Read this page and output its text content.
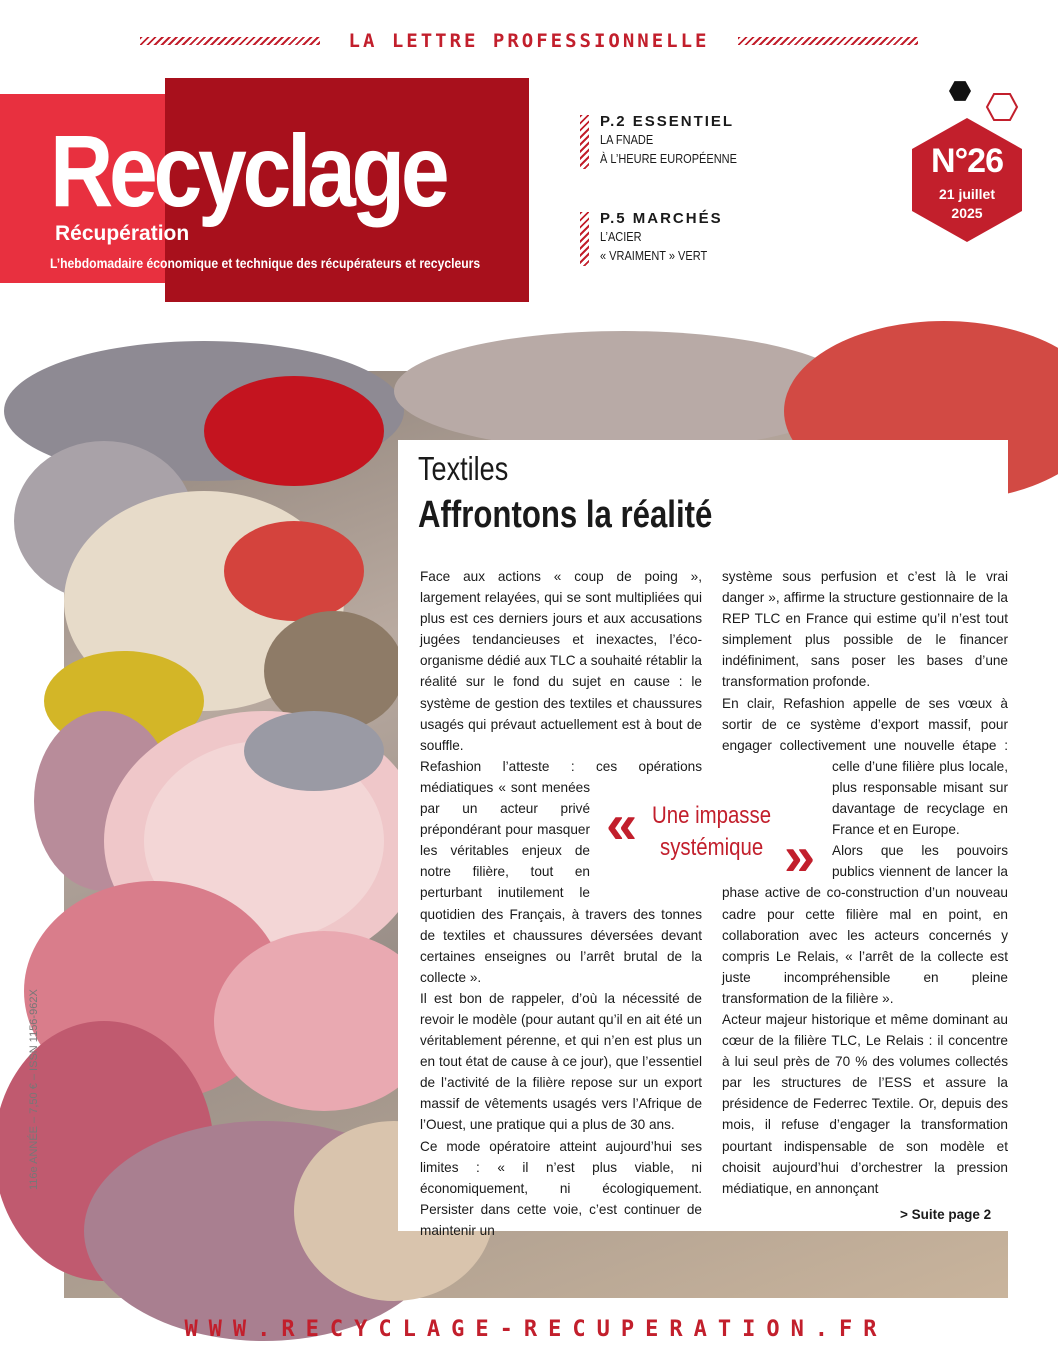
LA LETTRE PROFESSIONNELLE
Recyclage
Récupération
L’hebdomadaire économique et technique des récupérateurs et recycleurs
P.2 ESSENTIEL
LA FNADE
À L’HEURE EUROPÉENNE
P.5 MARCHÉS
L’ACIER
« VRAIMENT » VERT
N°26
21 juillet
2025
Textiles
Affrontons la réalité

Face aux actions « coup de poing », largement relayées, qui se sont multipliées qui plus est ces derniers jours et aux accusations jugées tendancieuses et inexactes, l’éco-organisme dédié aux TLC a souhaité rétablir la réalité sur le fond du sujet en cause : le système de gestion des textiles et chaussures usagés qui prévaut actuellement est à bout de souffle.

Refashion l’atteste : ces opérations médiatiques « sont menées par un acteur privé prépondérant pour masquer les véritables enjeux de notre filière, tout en perturbant inutilement le quotidien des Français, à travers des tonnes de textiles et chaussures déversées devant certaines enseignes ou l’arrêt brutal de la collecte ».

Il est bon de rappeler, d’où la nécessité de revoir le modèle (pour autant qu’il en ait été un véritablement pérenne, et qui n’en est plus un en tout état de cause à ce jour), que l’essentiel de l’activité de la filière repose sur un export massif de vêtements usagés vers l’Afrique de l’Ouest, une pratique qui a plus de 30 ans.

Ce mode opératoire atteint aujourd’hui ses limites : « il n’est plus viable, ni économiquement, ni écologiquement. Persister dans cette voie, c’est continuer de maintenir un

système sous perfusion et c’est là le vrai danger », affirme la structure gestionnaire de la REP TLC en France qui estime qu’il n’est tout simplement plus possible de le financer indéfiniment, sans poser les bases d’une transformation profonde.

En clair, Refashion appelle de ses vœux à sortir de ce système d’export massif, pour engager collectivement une nouvelle étape : celle d’une filière plus locale, plus responsable misant sur davantage de recyclage en France et en Europe.

Alors que les pouvoirs publics viennent de lancer la phase active de co-construction d’un nouveau cadre pour cette filière mal en point, en collaboration avec les acteurs concernés y compris Le Relais, « l’arrêt de la collecte est juste incompréhensible en pleine transformation de la filière ».

Acteur majeur historique et même dominant au cœur de la filière TLC, Le Relais : il concentre à lui seul près de 70 % des volumes collectés par les structures de l’ESS et assure la présidence de Federrec Textile. Or, depuis des mois, il refuse d’engager la transformation pourtant indispensable de son modèle et choisit aujourd’hui d’orchestrer la pression médiatique, en annonçant

« Une impasse
systémique »
> Suite page 2
116e ANNÉE – 7,50 € – ISSN 1156-962X
WWW.RECYCLAGE-RECUPERATION.FR
